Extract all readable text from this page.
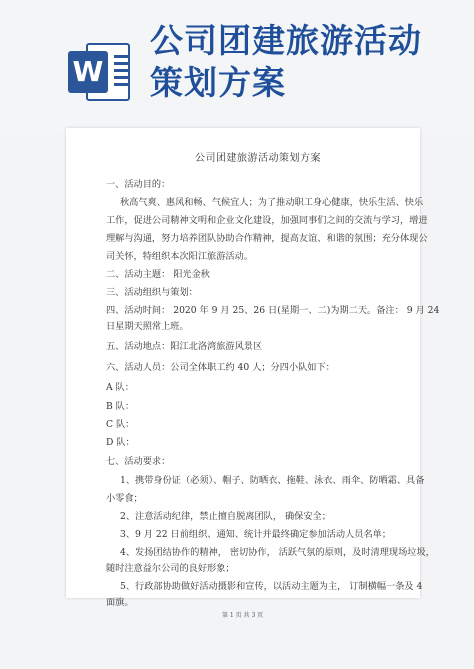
W
公司团建旅游活动
策划方案
公司团建旅游活动策划方案
一、活动目的：
秋高气爽、惠风和畅、气候宜人；为了推动职工身心健康，快乐生活、快乐
工作，促进公司精神文明和企业文化建设，加强同事们之间的交流与学习，增进
理解与沟通，努力培养团队协助合作精神，提高友谊、和谐的氛围；充分体现公
司关怀，特组织本次阳江旅游活动。
二、活动主题： 阳光金秋
三、活动组织与策划：
四、活动时间： 2020 年 9 月 25、26 日(星期一、二)为期二天。备注： 9 月 24
日星期天照常上班。
五、活动地点：阳江北洛湾旅游风景区
六、活动人员：公司全体职工约 40 人；分四小队如下：
A 队：
B 队：
C 队：
D 队：
七、活动要求：
1、携带身份证（必须）、帽子、防晒衣、拖鞋、泳衣、雨伞、防晒霜、具备
小零食；
2、注意活动纪律，禁止擅自脱离团队， 确保安全；
3、9 月 22 日前组织、通知、统计并最终确定参加活动人员名单；
4、发扬团结协作的精神， 密切协作， 活跃气氛的原则，及时清理现场垃圾，
随时注意益尔公司的良好形象；
5、行政部协助做好活动摄影和宣传，以活动主题为主， 订制横幅一条及 4
面旗。
第 1 页 共 3 页
